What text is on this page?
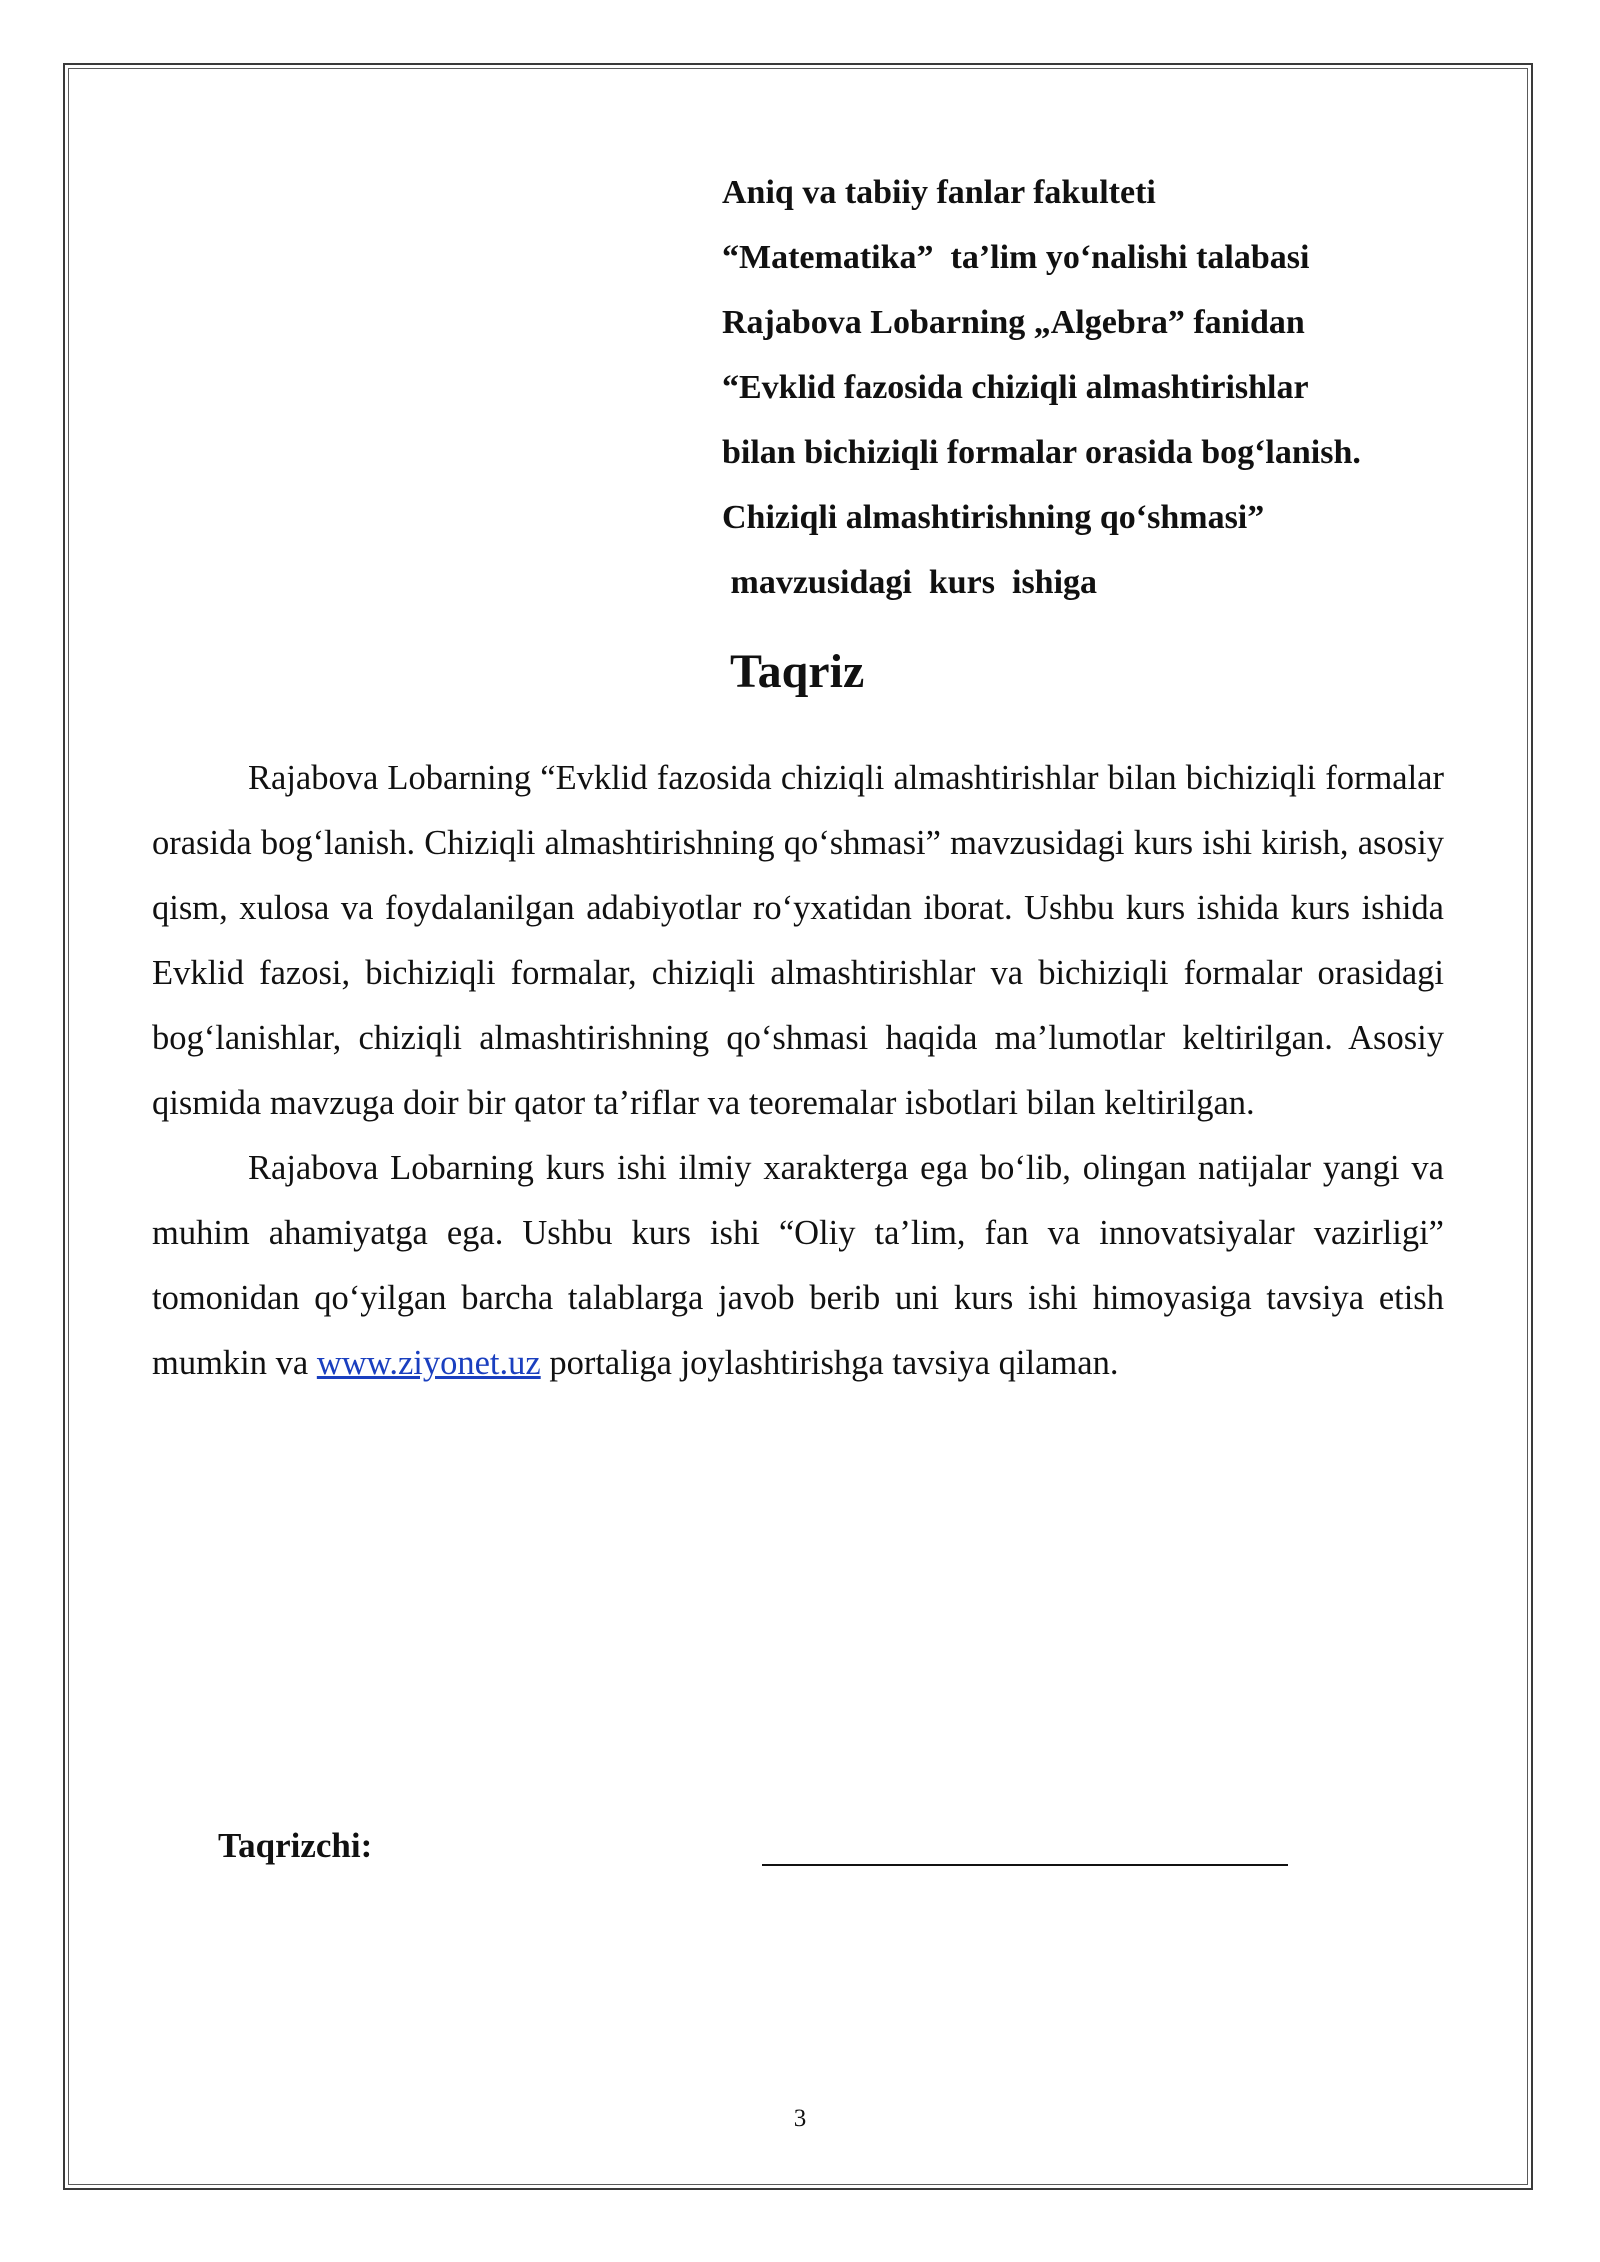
Aniq va tabiiy fanlar fakulteti
“Matematika”  ta’lim yo‘nalishi talabasi
Rajabova Lobarning „Algebra” fanidan
“Evklid fazosida chiziqli almashtirishlar
bilan bichiziqli formalar orasida bog‘lanish.
Chiziqli almashtirishning qo‘shmasi”
mavzusidagi  kurs  ishiga
Taqriz

Rajabova Lobarning “Evklid fazosida chiziqli almashtirishlar bilan bichiziqli formalar orasida bog‘lanish. Chiziqli almashtirishning qo‘shmasi” mavzusidagi kurs ishi kirish, asosiy qism, xulosa va foydalanilgan adabiyotlar ro‘yxatidan iborat. Ushbu kurs ishida kurs ishida Evklid fazosi, bichiziqli formalar, chiziqli almashtirishlar va bichiziqli formalar orasidagi bog‘lanishlar, chiziqli almashtirishning qo‘shmasi haqida ma’lumotlar keltirilgan. Asosiy qismida mavzuga doir bir qator ta’riflar va teoremalar isbotlari bilan keltirilgan.

Rajabova Lobarning kurs ishi ilmiy xarakterga ega bo‘lib, olingan natijalar yangi va muhim ahamiyatga ega. Ushbu kurs ishi “Oliy ta’lim, fan va innovatsiyalar vazirligi” tomonidan qo‘yilgan barcha talablarga javob berib uni kurs ishi himoyasiga tavsiya etish mumkin va www.ziyonet.uz portaliga joylashtirishga tavsiya qilaman.

Taqrizchi:
3
